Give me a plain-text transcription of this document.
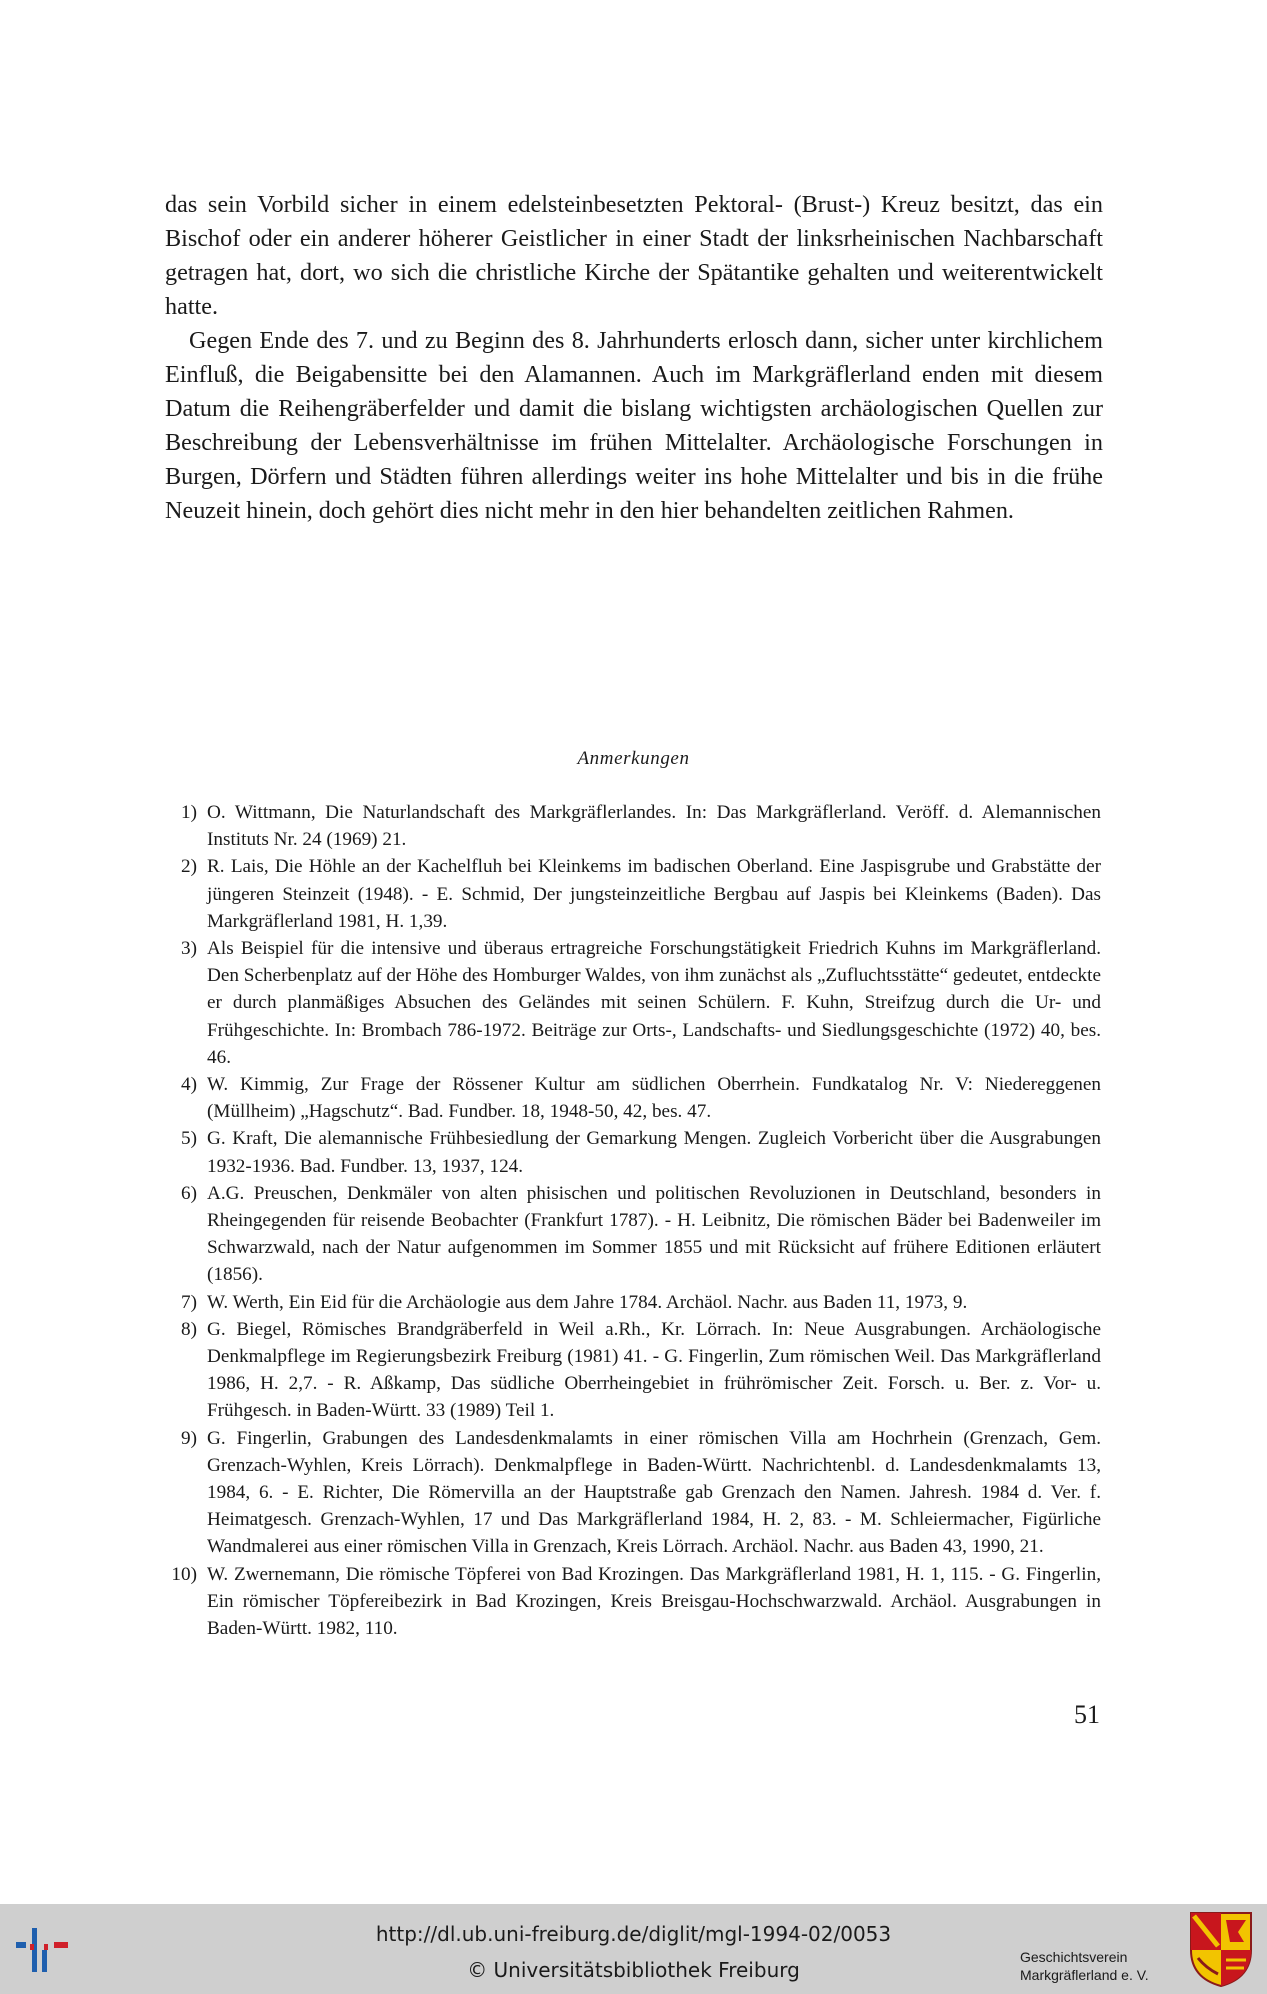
das sein Vorbild sicher in einem edelsteinbesetzten Pektoral- (Brust-) Kreuz besitzt, das ein Bischof oder ein anderer höherer Geistlicher in einer Stadt der linksrheinischen Nachbarschaft getragen hat, dort, wo sich die christliche Kirche der Spätantike gehalten und weiterentwickelt hatte.

Gegen Ende des 7. und zu Beginn des 8. Jahrhunderts erlosch dann, sicher unter kirchlichem Einfluß, die Beigabensitte bei den Alamannen. Auch im Markgräflerland enden mit diesem Datum die Reihengräberfelder und damit die bislang wichtigsten archäologischen Quellen zur Beschreibung der Lebensverhältnisse im frühen Mittelalter. Archäologische Forschungen in Burgen, Dörfern und Städten führen allerdings weiter ins hohe Mittelalter und bis in die frühe Neuzeit hinein, doch gehört dies nicht mehr in den hier behandelten zeitlichen Rahmen.

Anmerkungen
1) O. Wittmann, Die Naturlandschaft des Markgräflerlandes. In: Das Markgräflerland. Veröff. d. Alemannischen Instituts Nr. 24 (1969) 21.
2) R. Lais, Die Höhle an der Kachelfluh bei Kleinkems im badischen Oberland. Eine Jaspisgrube und Grabstätte der jüngeren Steinzeit (1948). - E. Schmid, Der jungsteinzeitliche Bergbau auf Jaspis bei Kleinkems (Baden). Das Markgräflerland 1981, H. 1,39.
3) Als Beispiel für die intensive und überaus ertragreiche Forschungstätigkeit Friedrich Kuhns im Markgräflerland. Den Scherbenplatz auf der Höhe des Homburger Waldes, von ihm zunächst als „Zufluchtsstätte“ gedeutet, entdeckte er durch planmäßiges Absuchen des Geländes mit seinen Schülern. F. Kuhn, Streifzug durch die Ur- und Frühgeschichte. In: Brombach 786-1972. Beiträge zur Orts-, Landschafts- und Siedlungsgeschichte (1972) 40, bes. 46.
4) W. Kimmig, Zur Frage der Rössener Kultur am südlichen Oberrhein. Fundkatalog Nr. V: Niedereggenen (Müllheim) „Hagschutz“. Bad. Fundber. 18, 1948-50, 42, bes. 47.
5) G. Kraft, Die alemannische Frühbesiedlung der Gemarkung Mengen. Zugleich Vorbericht über die Ausgrabungen 1932-1936. Bad. Fundber. 13, 1937, 124.
6) A.G. Preuschen, Denkmäler von alten phisischen und politischen Revoluzionen in Deutschland, besonders in Rheingegenden für reisende Beobachter (Frankfurt 1787). - H. Leibnitz, Die römischen Bäder bei Badenweiler im Schwarzwald, nach der Natur aufgenommen im Sommer 1855 und mit Rücksicht auf frühere Editionen erläutert (1856).
7) W. Werth, Ein Eid für die Archäologie aus dem Jahre 1784. Archäol. Nachr. aus Baden 11, 1973, 9.
8) G. Biegel, Römisches Brandgräberfeld in Weil a.Rh., Kr. Lörrach. In: Neue Ausgrabungen. Archäologische Denkmalpflege im Regierungsbezirk Freiburg (1981) 41. - G. Fingerlin, Zum römischen Weil. Das Markgräflerland 1986, H. 2,7. - R. Aßkamp, Das südliche Oberrheingebiet in frührömischer Zeit. Forsch. u. Ber. z. Vor- u. Frühgesch. in Baden-Württ. 33 (1989) Teil 1.
9) G. Fingerlin, Grabungen des Landesdenkmalamts in einer römischen Villa am Hochrhein (Grenzach, Gem. Grenzach-Wyhlen, Kreis Lörrach). Denkmalpflege in Baden-Württ. Nachrichtenbl. d. Landesdenkmalamts 13, 1984, 6. - E. Richter, Die Römervilla an der Hauptstraße gab Grenzach den Namen. Jahresh. 1984 d. Ver. f. Heimatgesch. Grenzach-Wyhlen, 17 und Das Markgräflerland 1984, H. 2, 83. - M. Schleiermacher, Figürliche Wandmalerei aus einer römischen Villa in Grenzach, Kreis Lörrach. Archäol. Nachr. aus Baden 43, 1990, 21.
10) W. Zwernemann, Die römische Töpferei von Bad Krozingen. Das Markgräflerland 1981, H. 1, 115. - G. Fingerlin, Ein römischer Töpfereibezirk in Bad Krozingen, Kreis Breisgau-Hochschwarzwald. Archäol. Ausgrabungen in Baden-Württ. 1982, 110.
51
http://dl.ub.uni-freiburg.de/diglit/mgl-1994-02/0053
© Universitätsbibliothek Freiburg
Geschichtsverein
Markgräflerland e. V.
